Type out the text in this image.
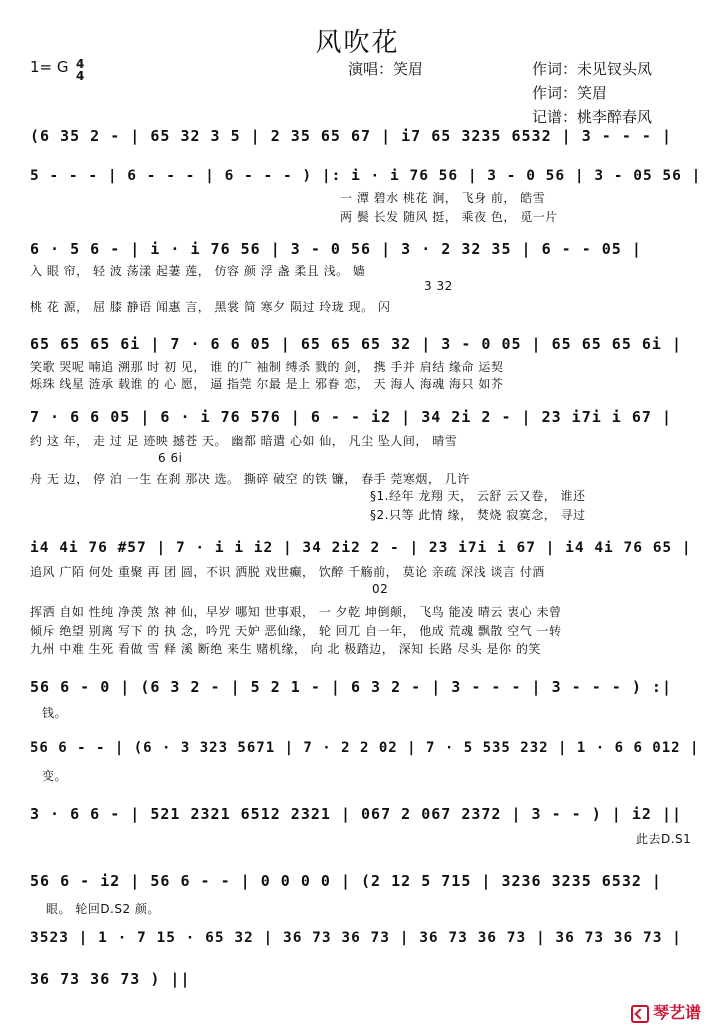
风吹花
1= G 4
4	演唱：笑眉	作词：未见钗头凤
作词：笑眉
记谱：桃李醉春风
(6 35 2 - | 65 32 3 5 | 2 35 65 67 | i7 65 3235 6532 | 3 - - - |
5 - - - | 6 - - - | 6 - - - ) |: i · i 76 56 | 3 - 0 56 | 3 - 05 56 |
一 潭 碧水 桃花 涧， 飞身 前， 皓雪
两 鬓 长发 随风 挺， 乘夜 色， 觅一片
6 · 5 6 - | i · i 76 56 | 3 - 0 56 | 3 · 2 32 35 | 6 - - 05 |
入 眼 帘， 轻 波 荡漾 起萋 莲， 仿容 颜 浮 盏 柔且 浅。 嫱
3 32
桃 花 源， 屈 膝 静语 闻惠 言， 黑裳 简 寒夕 陨过 玲珑 现。 闪
65 65 65 6i | 7 · 6 6 05 | 65 65 65 32 | 3 - 0 05 | 65 65 65 6i |
笑歌 哭呢 喃追 溯那 时 初 见， 谁 的广 袖制 缚杀 戮的 剑， 携 手并 肩结 缘命 运契
烁珠 线星 涟承 载谁 的 心 愿， 逼 指莞 尔最 是上 邪眷 恋， 天 海人 海魂 海只 如芥
7 · 6 6 05 | 6 · i 76 576 | 6 - - i2 | 34 2i 2 - | 23 i7i i 67 |
约 这 年， 走 过 足 迹映 撼苍 天。 幽都 暗遣 心如 仙， 凡尘 坠人间， 晴雪
6 6i
舟 无 边， 停 泊 一生 在刹 那决 选。 撕碎 破空 的铁 镰， 春手 莞寒烟， 几许
§1.经年 龙翔 天， 云舒 云又卷， 谁还
§2.只等 此情 缘， 焚烧 寂寞念， 寻过
i4 4i 76 #57 | 7 · i i i2 | 34 2i2 2 - | 23 i7i i 67 | i4 4i 76 65 |
追风 广陌 何处 重聚 再 团 圆，不识 洒脱 戏世癫， 饮醉 千觞前， 莫论 亲疏 深浅 谈言 付酒
02
挥洒 自如 性纯 净羡 煞 神 仙，早岁 哪知 世事艰， 一 夕乾 坤倒颠， 飞鸟 能凌 晴云 衷心 未曾
倾斥 绝望 别离 写下 的 执 念，吟咒 天妒 恶仙缘， 轮 回兀 自一年， 他成 荒魂 飘散 空气 一转
九州 中难 生死 看做 雪 释 溪 断绝 来生 赌机缘， 向 北 极踏边， 深知 长路 尽头 是你 的笑
56 6 - 0 | (6 3 2 - | 5 2 1 - | 6 3 2 - | 3 - - - | 3 - - - ) :|
钱。
56 6 - - | (6 · 3 323 5671 | 7 · 2 2 02 | 7 · 5 535 232 | 1 · 6 6 012 |
变。
3 · 6 6 - | 521 2321 6512 2321 | 067 2 067 2372 | 3 - - ) | i2 ||
此去D.S1
56 6 - i2 | 56 6 - - | 0 0 0 0 | (2 12 5 715 | 3236 3235 6532 |
眼。 轮回D.S2 颜。
3523 | 1 · 7 15 · 65 32 | 36 73 36 73 | 36 73 36 73 | 36 73 36 73 |
36 73 36 73 ) ||
琴艺谱
